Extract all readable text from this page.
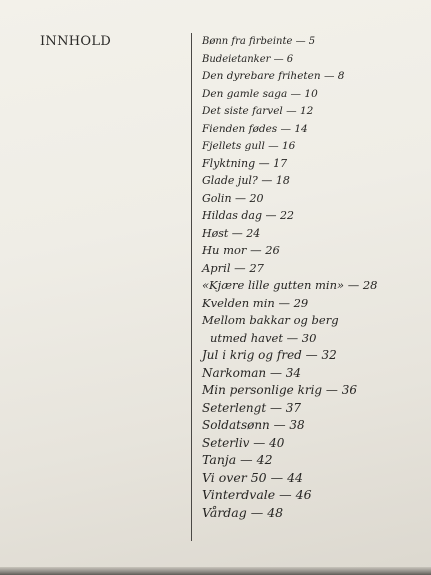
INNHOLD	Bønn fra firbeinte — 5
Budeietanker — 6
Den dyrebare friheten — 8
Den gamle saga — 10
Det siste farvel — 12
Fienden fødes — 14
Fjellets gull — 16
Flyktning — 17
Glade jul? — 18
Golin — 20
Hildas dag — 22
Høst — 24
Hu mor — 26
April — 27
«Kjære lille gutten min» — 28
Kvelden min — 29
Mellom bakkar og berg
utmed havet — 30
Jul i krig og fred — 32
Narkoman — 34
Min personlige krig — 36
Seterlengt — 37
Soldatsønn — 38
Seterliv — 40
Tanja — 42
Vi over 50 — 44
Vinterdvale — 46
Vårdag — 48
